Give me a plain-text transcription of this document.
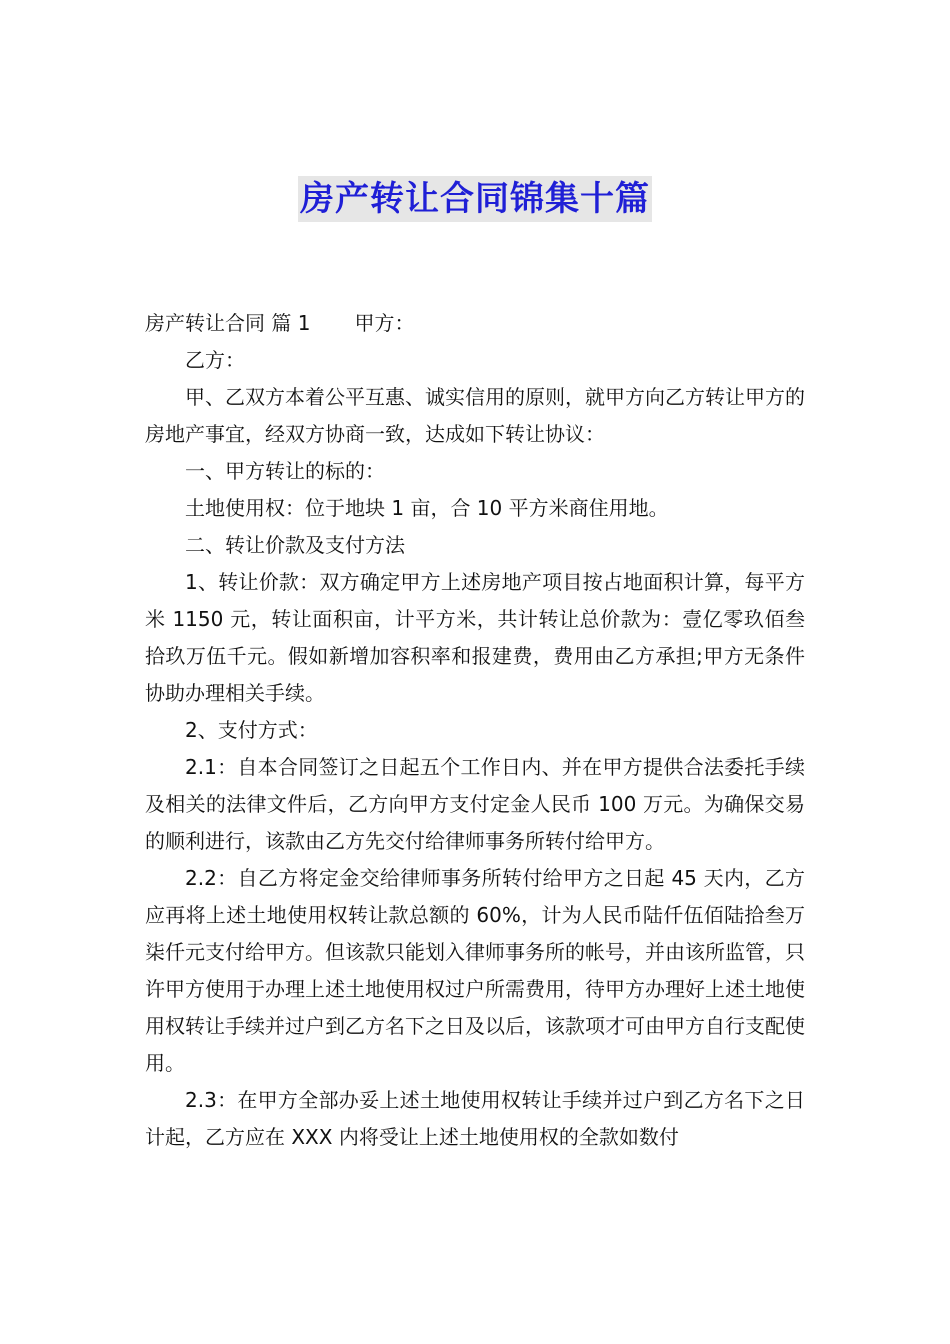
房产转让合同锦集十篇

房产转让合同 篇 1 甲方：

乙方：

甲、乙双方本着公平互惠、诚实信用的原则，就甲方向乙方转让甲方的房地产事宜，经双方协商一致，达成如下转让协议：

一、甲方转让的标的：

土地使用权：位于地块 1 亩，合 10 平方米商住用地。

二、转让价款及支付方法

1、转让价款：双方确定甲方上述房地产项目按占地面积计算，每平方米 1150 元，转让面积亩，计平方米，共计转让总价款为：壹亿零玖佰叁拾玖万伍千元。假如新增加容积率和报建费，费用由乙方承担;甲方无条件协助办理相关手续。

2、支付方式：

2.1：自本合同签订之日起五个工作日内、并在甲方提供合法委托手续及相关的法律文件后，乙方向甲方支付定金人民币 100 万元。为确保交易的顺利进行，该款由乙方先交付给律师事务所转付给甲方。

2.2：自乙方将定金交给律师事务所转付给甲方之日起 45 天内，乙方应再将上述土地使用权转让款总额的 60%，计为人民币陆仟伍佰陆拾叁万柒仟元支付给甲方。但该款只能划入律师事务所的帐号，并由该所监管，只许甲方使用于办理上述土地使用权过户所需费用，待甲方办理好上述土地使用权转让手续并过户到乙方名下之日及以后，该款项才可由甲方自行支配使用。

2.3：在甲方全部办妥上述土地使用权转让手续并过户到乙方名下之日计起，乙方应在 XXX 内将受让上述土地使用权的全款如数付
